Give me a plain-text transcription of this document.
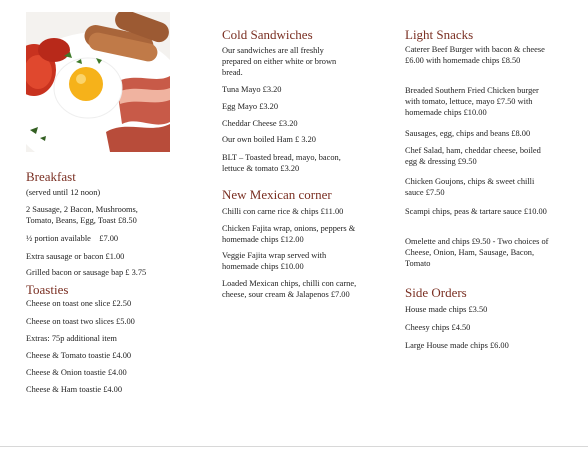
Breakfast

(served until 12 noon)

2 Sausage, 2 Bacon, Mushrooms, Tomato, Beans, Egg, Toast £8.50

½ portion available    £7.00

Extra sausage or bacon £1.00

Grilled bacon or sausage bap £ 3.75

Toasties

Cheese on toast one slice £2.50

Cheese on toast two slices £5.00

Extras: 75p additional item

Cheese & Tomato toastie £4.00

Cheese & Onion toastie £4.00

Cheese & Ham toastie £4.00

Cold Sandwiches

Our sandwiches are all freshly prepared on either white or brown bread.

Tuna Mayo £3.20

Egg Mayo £3.20

Cheddar Cheese £3.20

Our own boiled Ham £ 3.20

BLT – Toasted bread, mayo, bacon, lettuce & tomato £3.20

New Mexican corner

Chilli con carne rice & chips £11.00

Chicken Fajita wrap, onions, peppers & homemade chips £12.00

Veggie Fajita wrap served with homemade chips £10.00

Loaded Mexican chips, chilli con carne, cheese, sour cream & Jalapenos £7.00

Light Snacks

Caterer Beef Burger with bacon & cheese £6.00 with homemade chips £8.50

Breaded Southern Fried Chicken burger with tomato, lettuce, mayo £7.50 with homemade chips £10.00

Sausages, egg, chips and beans £8.00

Chef Salad, ham, cheddar cheese, boiled egg & dressing £9.50

Chicken Goujons, chips & sweet chilli sauce £7.50

Scampi chips, peas & tartare sauce £10.00

Omelette and chips £9.50 - Two choices of Cheese, Onion, Ham, Sausage, Bacon, Tomato

Side Orders

House made chips £3.50

Cheesy chips £4.50

Large House made chips £6.00
